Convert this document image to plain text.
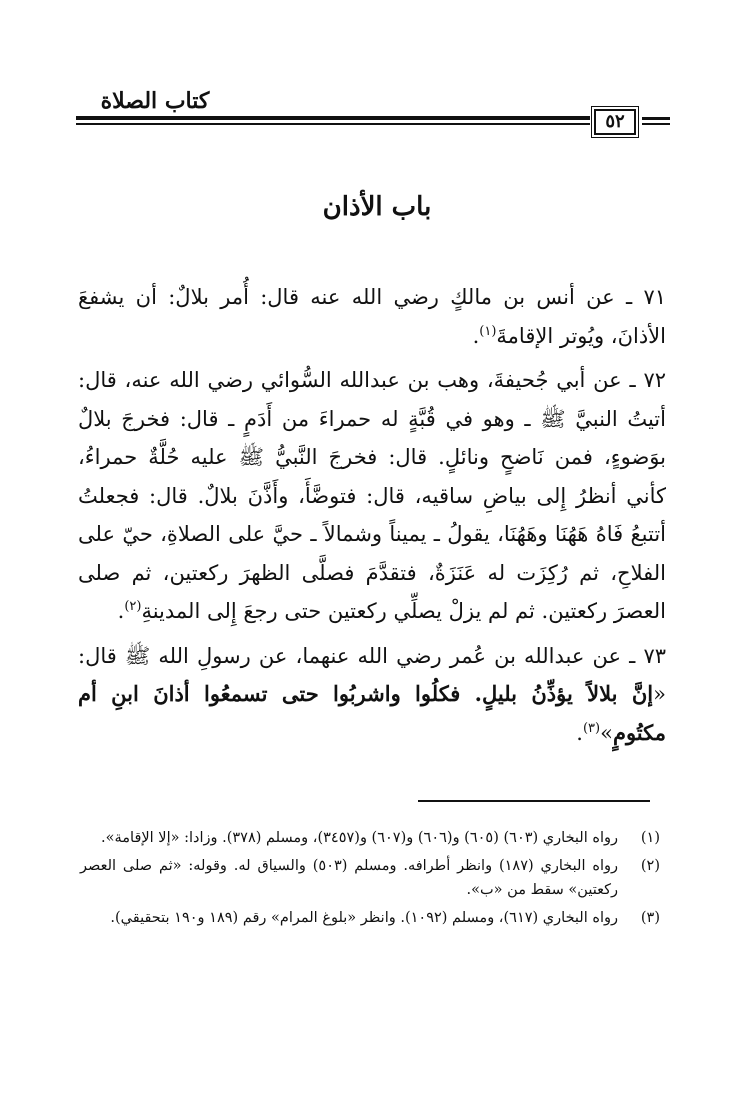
كتاب الصلاة
٥٢
باب الأذان

٧١ ـ عن أنس بن مالكٍ رضي الله عنه قال: أُمر بلالٌ: أن يشفعَ الأذانَ، ويُوتر الإقامةَ$^{(١)}$.

٧٢ ـ عن أبي جُحيفةَ، وهب بن عبدالله السُّوائي رضي الله عنه، قال: أتيتُ النبيَّ ﷺ ـ وهو في قُبَّةٍ له حمراءَ من أَدَمٍ ـ قال: فخرجَ بلالٌ بوَضوءٍ، فمن نَاضحٍ ونائلٍ. قال: فخرجَ النَّبيُّ ﷺ عليه حُلَّةٌ حمراءُ، كأني أنظرُ إِلى بياضِ ساقيه، قال: فتوضَّأَ، وأَذَّنَ بلالٌ. قال: فجعلتُ أتتبعُ فَاهُ هَهُنَا وهَهُنَا، يقولُ ـ يميناً وشمالاً ـ حيَّ على الصلاةِ، حيّ على الفلاحِ، ثم رُكِزَت له عَنَزَةٌ، فتقدَّمَ فصلَّى الظهرَ ركعتين، ثم صلى العصرَ ركعتين. ثم لم يزلْ يصلِّي ركعتين حتى رجعَ إِلى المدينةِ$^{(٢)}$.

٧٣ ـ عن عبدالله بن عُمر رضي الله عنهما، عن رسولِ الله ﷺ قال: «إنَّ بلالاً يؤذِّنُ بليلٍ. فكلُوا واشربُوا حتى تسمعُوا أذانَ ابنِ أم مكتُومٍ»$^{(٣)}$.

(١)
رواه البخاري (٦٠٣) (٦٠٥) و(٦٠٦) و(٦٠٧) و(٣٤٥٧)، ومسلم (٣٧٨). وزادا: «إلا الإقامة».
(٢)
رواه البخاري (١٨٧) وانظر أطرافه. ومسلم (٥٠٣) والسياق له. وقوله: «ثم صلى العصر ركعتين» سقط من «ب».
(٣)
رواه البخاري (٦١٧)، ومسلم (١٠٩٢). وانظر «بلوغ المرام» رقم (١٨٩ و١٩٠ بتحقيقي).
